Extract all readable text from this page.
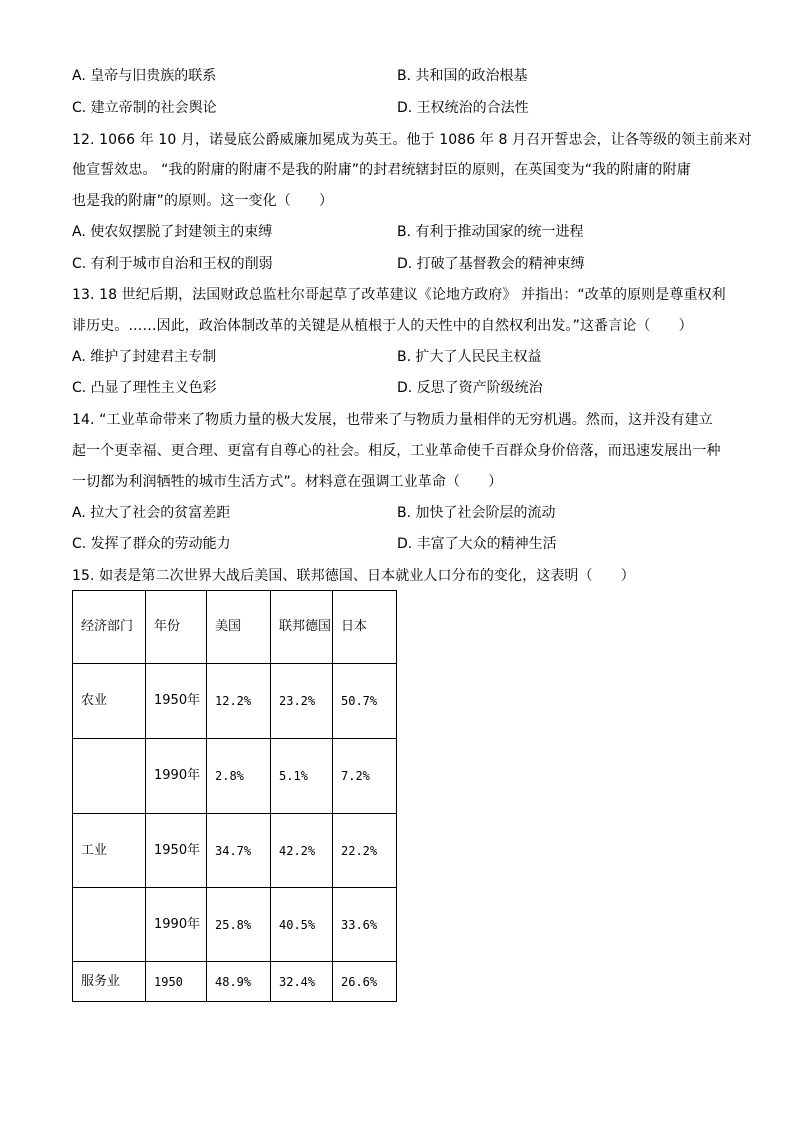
A. 皇帝与旧贵族的联系	B. 共和国的政治根基
C. 建立帝制的社会舆论	D. 王权统治的合法性
12. 1066 年 10 月，诺曼底公爵威廉加冕成为英王。他于 1086 年 8 月召开誓忠会，让各等级的领主前来对
他宣誓效忠。 “我的附庸的附庸不是我的附庸”的封君统辖封臣的原则，在英国变为“我的附庸的附庸
也是我的附庸”的原则。这一变化（　　）
A. 使农奴摆脱了封建领主的束缚	B. 有利于推动国家的统一进程
C. 有利于城市自治和王权的削弱	D. 打破了基督教会的精神束缚
13. 18 世纪后期，法国财政总监杜尔哥起草了改革建议《论地方政府》 并指出：“改革的原则是尊重权利
诽历史。……因此，政治体制改革的关键是从植根于人的天性中的自然权利出发。”这番言论（　　）
A. 维护了封建君主专制	B. 扩大了人民民主权益
C. 凸显了理性主义色彩	D. 反思了资产阶级统治
14. “工业革命带来了物质力量的极大发展，也带来了与物质力量相伴的无穷机遇。然而，这并没有建立
起一个更幸福、更合理、更富有自尊心的社会。相反，工业革命使千百群众身价倍落，而迅速发展出一种
一切都为利润牺牲的城市生活方式”。材料意在强调工业革命（　　）
A. 拉大了社会的贫富差距	B. 加快了社会阶层的流动
C. 发挥了群众的劳动能力	D. 丰富了大众的精神生活
15. 如表是第二次世界大战后美国、联邦德国、日本就业人口分布的变化，这表明（　　）
经济部门	年份	美国	联邦德国	日本
农业	1950年	12.2%	23.2%	50.7%
	1990年	2.8%	5.1%	7.2%
工业	1950年	34.7%	42.2%	22.2%
	1990年	25.8%	40.5%	33.6%
服务业	1950	48.9%	32.4%	26.6%
